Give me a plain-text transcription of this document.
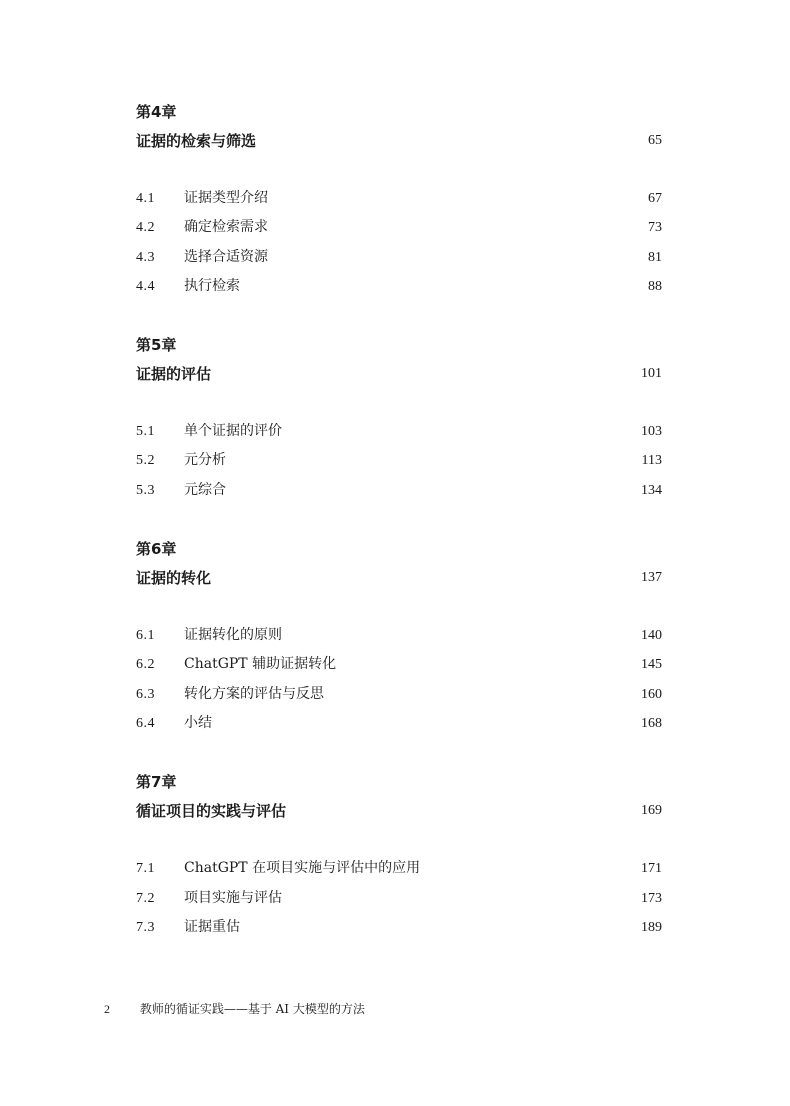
第4章
证据的检索与筛选	65
4.1	证据类型介绍	67
4.2	确定检索需求	73
4.3	选择合适资源	81
4.4	执行检索	88
第5章
证据的评估	101
5.1	单个证据的评价	103
5.2	元分析	113
5.3	元综合	134
第6章
证据的转化	137
6.1	证据转化的原则	140
6.2	ChatGPT 辅助证据转化	145
6.3	转化方案的评估与反思	160
6.4	小结	168
第7章
循证项目的实践与评估	169
7.1	ChatGPT 在项目实施与评估中的应用	171
7.2	项目实施与评估	173
7.3	证据重估	189
2 教师的循证实践——基于 AI 大模型的方法
